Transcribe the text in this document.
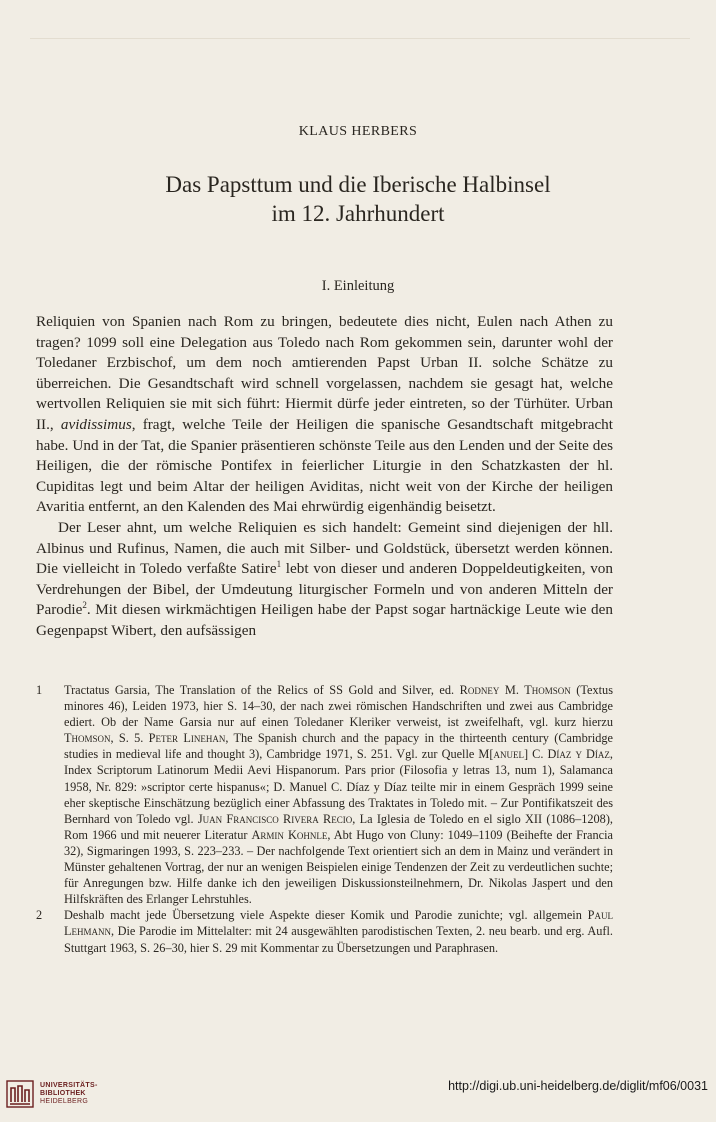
KLAUS HERBERS
Das Papsttum und die Iberische Halbinsel
im 12. Jahrhundert
I. Einleitung

Reliquien von Spanien nach Rom zu bringen, bedeutete dies nicht, Eulen nach Athen zu tragen? 1099 soll eine Delegation aus Toledo nach Rom gekommen sein, darunter wohl der Toledaner Erzbischof, um dem noch amtierenden Papst Urban II. solche Schätze zu überreichen. Die Gesandtschaft wird schnell vorgelassen, nachdem sie gesagt hat, welche wertvollen Reliquien sie mit sich führt: Hiermit dürfe jeder eintreten, so der Türhüter. Urban II., avidissimus, fragt, welche Teile der Heiligen die spanische Gesandtschaft mitgebracht habe. Und in der Tat, die Spanier präsentieren schönste Teile aus den Lenden und der Seite des Heiligen, die der römische Pontifex in feierlicher Liturgie in den Schatzkasten der hl. Cupiditas legt und beim Altar der heiligen Aviditas, nicht weit von der Kirche der heiligen Avaritia entfernt, an den Kalenden des Mai ehrwürdig eigenhändig beisetzt.

Der Leser ahnt, um welche Reliquien es sich handelt: Gemeint sind diejenigen der hll. Albinus und Rufinus, Namen, die auch mit Silber- und Goldstück, übersetzt werden können. Die vielleicht in Toledo verfaßte Satire$^1$ lebt von dieser und anderen Doppeldeutigkeiten, von Verdrehungen der Bibel, der Umdeutung liturgischer Formeln und von anderen Mitteln der Parodie$^2$. Mit diesen wirkmächtigen Heiligen habe der Papst sogar hartnäckige Leute wie den Gegenpapst Wibert, den aufsässigen

1 Tractatus Garsia, The Translation of the Relics of SS Gold and Silver, ed. Rodney M. Thomson (Textus minores 46), Leiden 1973, hier S. 14–30, der nach zwei römischen Handschriften und zwei aus Cambridge ediert. Ob der Name Garsia nur auf einen Toledaner Kleriker verweist, ist zweifelhaft, vgl. kurz hierzu Thomson, S. 5. Peter Linehan, The Spanish church and the papacy in the thirteenth century (Cambridge studies in medieval life and thought 3), Cambridge 1971, S. 251. Vgl. zur Quelle M[anuel] C. Díaz y Díaz, Index Scriptorum Latinorum Medii Aevi Hispanorum. Pars prior (Filosofia y letras 13, num 1), Salamanca 1958, Nr. 829: »scriptor certe hispanus«; D. Manuel C. Díaz y Díaz teilte mir in einem Gespräch 1999 seine eher skeptische Einschätzung bezüglich einer Abfassung des Traktates in Toledo mit. – Zur Pontifikatszeit des Bernhard von Toledo vgl. Juan Francisco Rivera Recio, La Iglesia de Toledo en el siglo XII (1086–1208), Rom 1966 und mit neuerer Literatur Armin Kohnle, Abt Hugo von Cluny: 1049–1109 (Beihefte der Francia 32), Sigmaringen 1993, S. 223–233. – Der nachfolgende Text orientiert sich an dem in Mainz und verändert in Münster gehaltenen Vortrag, der nur an wenigen Beispielen einige Tendenzen der Zeit zu verdeutlichen suchte; für Anregungen bzw. Hilfe danke ich den jeweiligen Diskussionsteilnehmern, Dr. Nikolas Jaspert und den Hilfskräften des Erlanger Lehrstuhles.
2 Deshalb macht jede Übersetzung viele Aspekte dieser Komik und Parodie zunichte; vgl. allgemein Paul Lehmann, Die Parodie im Mittelalter: mit 24 ausgewählten parodistischen Texten, 2. neu bearb. und erg. Aufl. Stuttgart 1963, S. 26–30, hier S. 29 mit Kommentar zu Übersetzungen und Paraphrasen.
UNIVERSITÄTS-
BIBLIOTHEK
HEIDELBERG
http://digi.ub.uni-heidelberg.de/diglit/mf06/0031
